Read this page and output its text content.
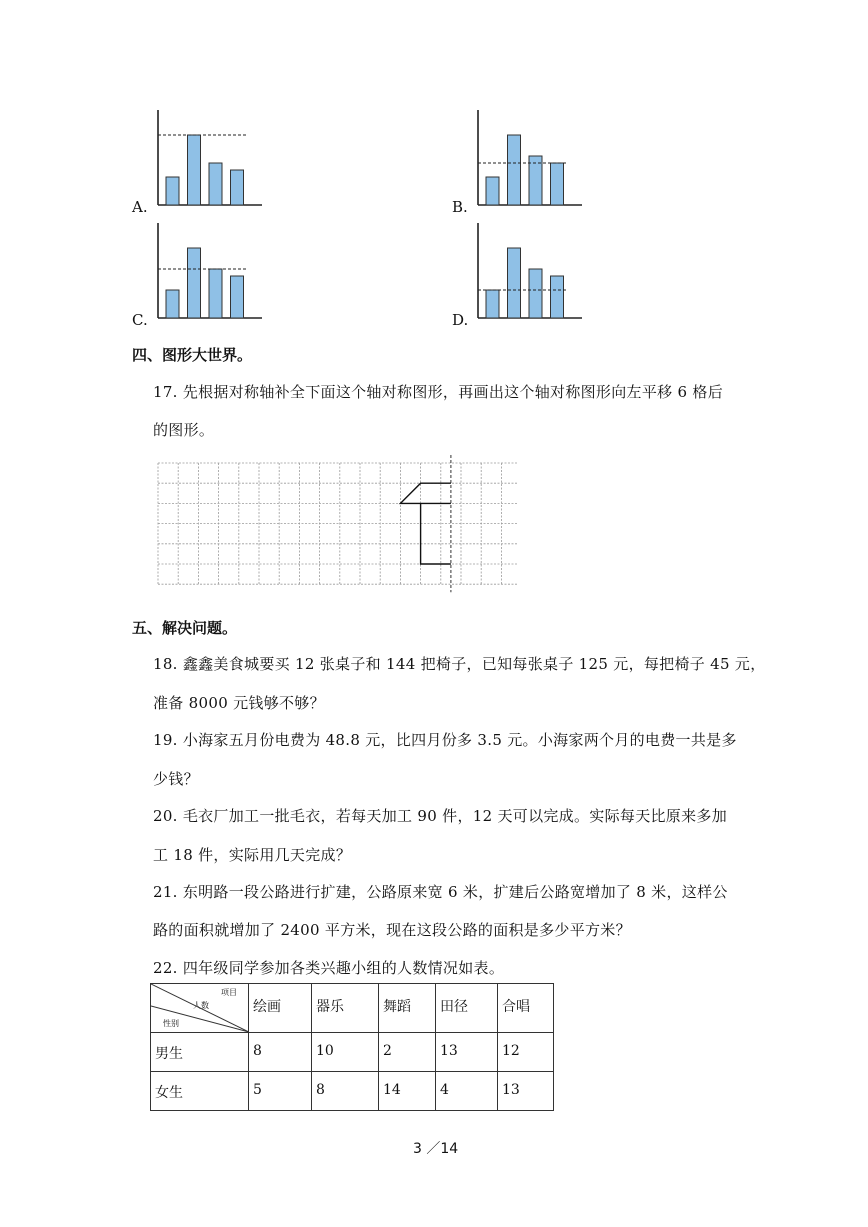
A.	B.
C.	D.
四、图形大世界。
17. 先根据对称轴补全下面这个轴对称图形，再画出这个轴对称图形向左平移 6 格后
的图形。
五、解决问题。
18. 鑫鑫美食城要买 12 张桌子和 144 把椅子，已知每张桌子 125 元，每把椅子 45 元，
准备 8000 元钱够不够？
19. 小海家五月份电费为 48.8 元，比四月份多 3.5 元。小海家两个月的电费一共是多
少钱？
20. 毛衣厂加工一批毛衣，若每天加工 90 件，12 天可以完成。实际每天比原来多加
工 18 件，实际用几天完成？
21. 东明路一段公路进行扩建，公路原来宽 6 米，扩建后公路宽增加了 8 米，这样公
路的面积就增加了 2400 平方米，现在这段公路的面积是多少平方米？
22. 四年级同学参加各类兴趣小组的人数情况如表。
项目
人数
性别	绘画	器乐	舞蹈	田径	合唱
男生	8	10	2	13	12
女生	5	8	14	4	13
3 ／14
